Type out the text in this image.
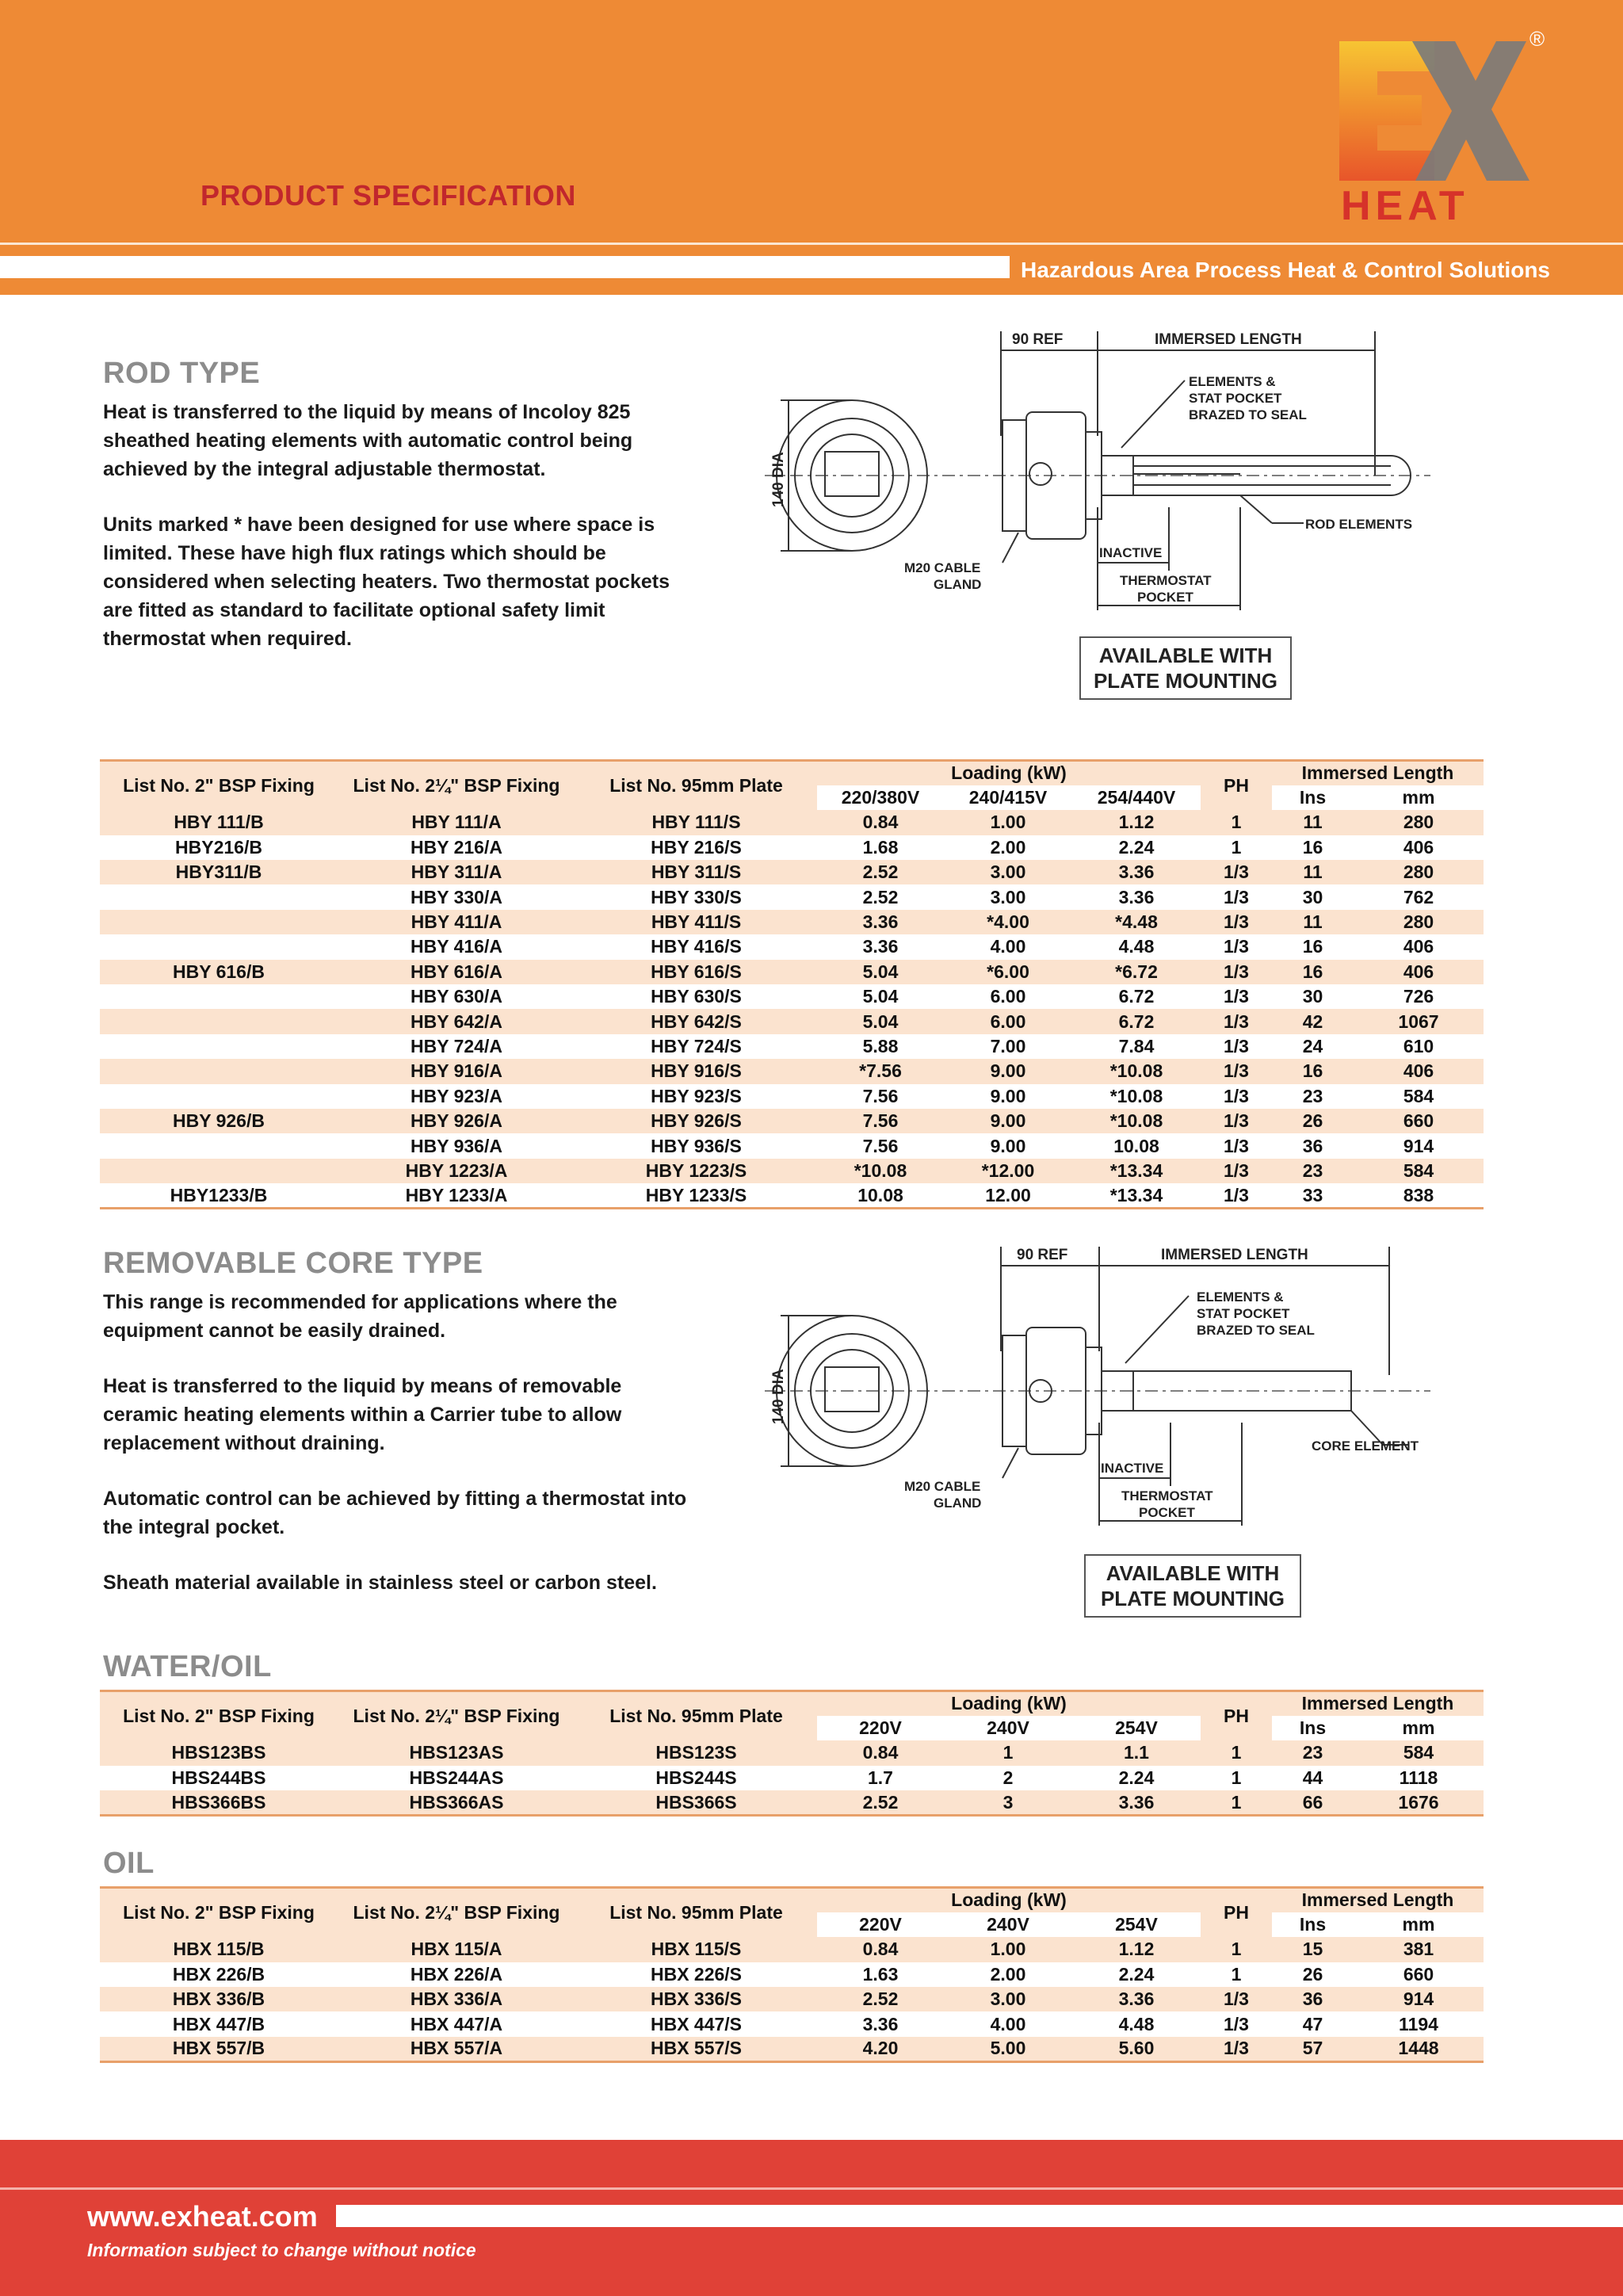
PRODUCT SPECIFICATION
Hazardous Area Process Heat & Control Solutions
HEAT
®
ROD TYPE

Heat is transferred to the liquid by means of Incoloy 825 sheathed heating elements with automatic control being achieved by the integral adjustable thermostat.

Units marked * have been designed for use where space is limited. These have high flux ratings which should be considered when selecting heaters. Two thermostat pockets are fitted as standard to facilitate optional safety limit thermostat when required.

90 REF	IMMERSED LENGTH
ELEMENTS &
STAT POCKET
BRAZED TO SEAL
140 DIA
ROD ELEMENTS
INACTIVE
M20 CABLE
GLAND	THERMOSTAT
POCKET
AVAILABLE WITH
PLATE MOUNTING
List No. 2" BSP Fixing	List No. 2¼" BSP Fixing	List No. 95mm Plate	Loading (kW)			PH	Immersed Length	
			220/380V	240/415V	254/440V		Ins	mm
HBY 111/B	HBY 111/A	HBY 111/S	0.84	1.00	1.12	1	11	280
HBY216/B	HBY 216/A	HBY 216/S	1.68	2.00	2.24	1	16	406
HBY311/B	HBY 311/A	HBY 311/S	2.52	3.00	3.36	1/3	11	280
	HBY 330/A	HBY 330/S	2.52	3.00	3.36	1/3	30	762
	HBY 411/A	HBY 411/S	3.36	*4.00	*4.48	1/3	11	280
	HBY 416/A	HBY 416/S	3.36	4.00	4.48	1/3	16	406
HBY 616/B	HBY 616/A	HBY 616/S	5.04	*6.00	*6.72	1/3	16	406
	HBY 630/A	HBY 630/S	5.04	6.00	6.72	1/3	30	726
	HBY 642/A	HBY 642/S	5.04	6.00	6.72	1/3	42	1067
	HBY 724/A	HBY 724/S	5.88	7.00	7.84	1/3	24	610
	HBY 916/A	HBY 916/S	*7.56	9.00	*10.08	1/3	16	406
	HBY 923/A	HBY 923/S	7.56	9.00	*10.08	1/3	23	584
HBY 926/B	HBY 926/A	HBY 926/S	7.56	9.00	*10.08	1/3	26	660
	HBY 936/A	HBY 936/S	7.56	9.00	10.08	1/3	36	914
	HBY 1223/A	HBY 1223/S	*10.08	*12.00	*13.34	1/3	23	584
HBY1233/B	HBY 1233/A	HBY 1233/S	10.08	12.00	*13.34	1/3	33	838
REMOVABLE CORE TYPE

This range is recommended for applications where the equipment cannot be easily drained.

Heat is transferred to the liquid by means of removable ceramic heating elements within a Carrier tube to allow replacement without draining.

Automatic control can be achieved by fitting a thermostat into the integral pocket.

Sheath material available in stainless steel or carbon steel.

90 REF	IMMERSED LENGTH
ELEMENTS &
STAT POCKET
BRAZED TO SEAL
140 DIA
CORE ELEMENT
INACTIVE
M20 CABLE
GLAND	THERMOSTAT
POCKET
AVAILABLE WITH
PLATE MOUNTING
WATER/OIL
List No. 2" BSP Fixing	List No. 2¼" BSP Fixing	List No. 95mm Plate	Loading (kW)			PH	Immersed Length	
			220V	240V	254V		Ins	mm
HBS123BS	HBS123AS	HBS123S	0.84	1	1.1	1	23	584
HBS244BS	HBS244AS	HBS244S	1.7	2	2.24	1	44	1118
HBS366BS	HBS366AS	HBS366S	2.52	3	3.36	1	66	1676
OIL
List No. 2" BSP Fixing	List No. 2¼" BSP Fixing	List No. 95mm Plate	Loading (kW)			PH	Immersed Length	
			220V	240V	254V		Ins	mm
HBX 115/B	HBX 115/A	HBX 115/S	0.84	1.00	1.12	1	15	381
HBX 226/B	HBX 226/A	HBX 226/S	1.63	2.00	2.24	1	26	660
HBX 336/B	HBX 336/A	HBX 336/S	2.52	3.00	3.36	1/3	36	914
HBX 447/B	HBX 447/A	HBX 447/S	3.36	4.00	4.48	1/3	47	1194
HBX 557/B	HBX 557/A	HBX 557/S	4.20	5.00	5.60	1/3	57	1448
www.exheat.com
Information subject to change without notice
